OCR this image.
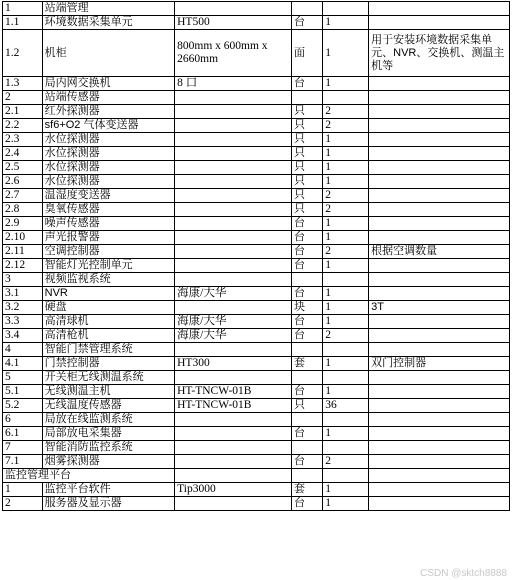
1	站端管理				
1.1	环境数据采集单元	HT500	台	1	
1.2	机柜	800mm x 600mm x 2660mm	面	1	用于安装环境数据采集单元、NVR、交换机、测温主机等
1.3	局内网交换机	8 口	台	1	
2	站端传感器				
2.1	红外探测器		只	2	
2.2	sf6+O2 气体变送器		只	2	
2.3	水位探测器		只	1	
2.4	水位探测器		只	1	
2.5	水位探测器		只	1	
2.6	水位探测器		只	1	
2.7	温湿度变送器		只	2	
2.8	臭氧传感器		只	2	
2.9	噪声传感器		台	1	
2.10	声光报警器		台	1	
2.11	空调控制器		台	2	根据空调数量
2.12	智能灯光控制单元		台	1	
3	视频监视系统				
3.1	NVR	海康/大华	台	1	
3.2	硬盘		块	1	3T
3.3	高清球机	海康/大华	台	1	
3.4	高清枪机	海康/大华	台	2	
4	智能门禁管理系统				
4.1	门禁控制器	HT300	套	1	双门控制器
5	开关柜无线测温系统				
5.1	无线测温主机	HT-TNCW-01B	台	1	
5.2	无线温度传感器	HT-TNCW-01B	只	36	
6	局放在线监测系统				
6.1	局部放电采集器		台	1	
7	智能消防监控系统				
7.1	烟雾探测器		台	2	
监控管理平台					
1	监控平台软件	Tip3000	套	1	
2	服务器及显示器		台	1	
CSDN @sktch8888
